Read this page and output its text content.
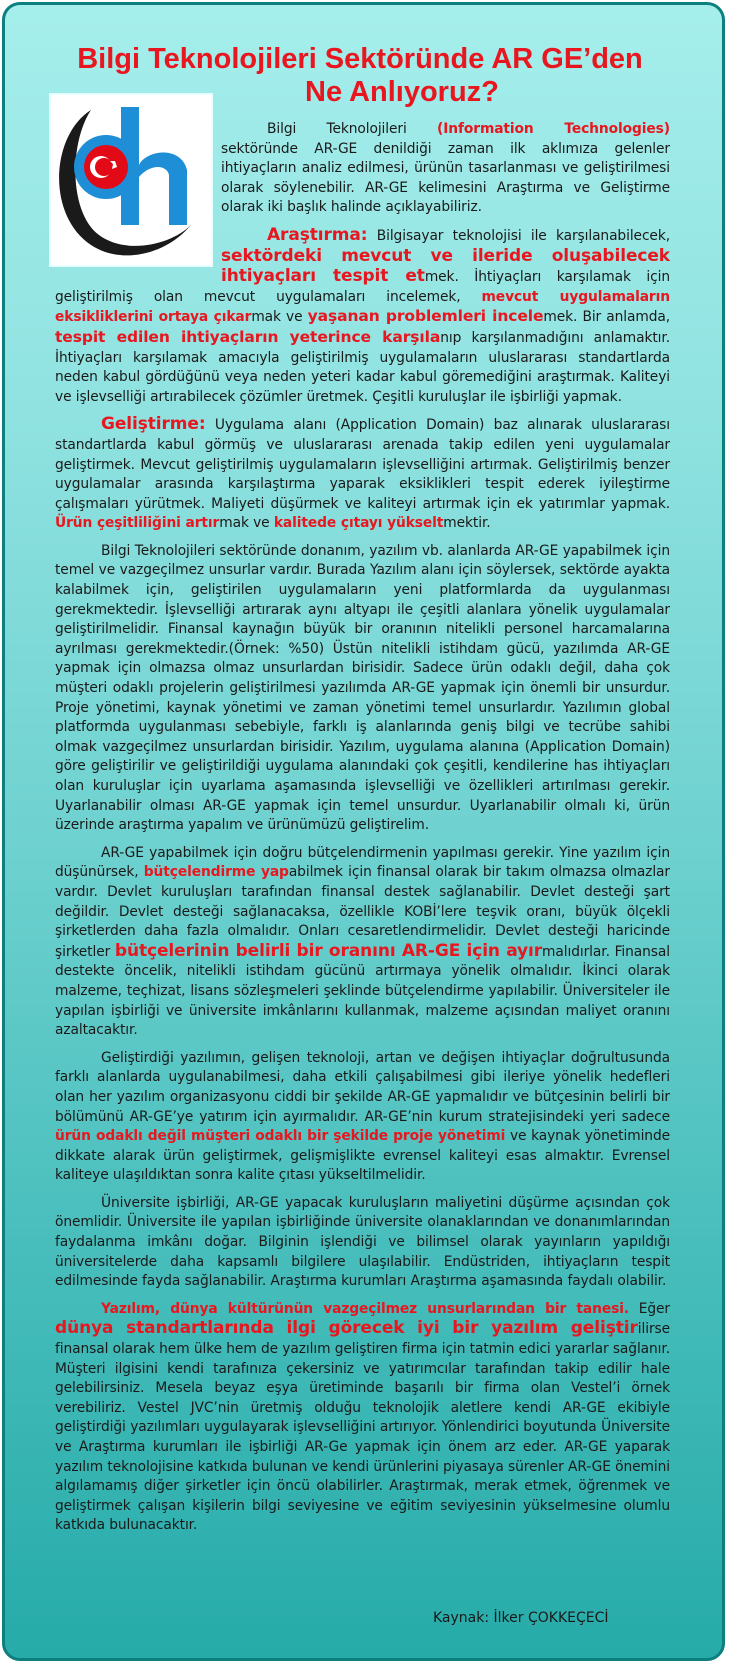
Bilgi Teknolojileri Sektöründe AR GE’den
Ne Anlıyoruz?

Bilgi Teknolojileri (Information Technologies) sektöründe AR-GE denildiği zaman ilk aklımıza gelenler ihtiyaçların analiz edilmesi, ürünün tasarlanması ve geliştirilmesi olarak söylenebilir. AR-GE kelimesini Araştırma ve Geliştirme olarak iki başlık halinde açıklayabiliriz.

Araştırma: Bilgisayar teknolojisi ile karşılanabilecek, sektördeki mevcut ve ileride oluşabilecek ihtiyaçları tespit etmek. İhtiyaçları karşılamak için geliştirilmiş olan mevcut uygulamaları incelemek, mevcut uygulamaların eksikliklerini ortaya çıkarmak ve yaşanan problemleri incelemek. Bir anlamda, tespit edilen ihtiyaçların yeterince karşılanıp karşılanmadığını anlamaktır. İhtiyaçları karşılamak amacıyla geliştirilmiş uygulamaların uluslararası standartlarda neden kabul gördüğünü veya neden yeteri kadar kabul göremediğini araştırmak. Kaliteyi ve işlevselliği artırabilecek çözümler üretmek. Çeşitli kuruluşlar ile işbirliği yapmak.

Geliştirme: Uygulama alanı (Application Domain) baz alınarak uluslararası standartlarda kabul görmüş ve uluslararası arenada takip edilen yeni uygulamalar geliştirmek. Mevcut geliştirilmiş uygulamaların işlevselliğini artırmak. Geliştirilmiş benzer uygulamalar arasında karşılaştırma yaparak eksiklikleri tespit ederek iyileştirme çalışmaları yürütmek. Maliyeti düşürmek ve kaliteyi artırmak için ek yatırımlar yapmak. Ürün çeşitliliğini artırmak ve kalitede çıtayı yükseltmektir.

Bilgi Teknolojileri sektöründe donanım, yazılım vb. alanlarda AR-GE yapabilmek için temel ve vazgeçilmez unsurlar vardır. Burada Yazılım alanı için söylersek, sektörde ayakta kalabilmek için, geliştirilen uygulamaların yeni platformlarda da uygulanması gerekmektedir. İşlevselliği artırarak aynı altyapı ile çeşitli alanlara yönelik uygulamalar geliştirilmelidir. Finansal kaynağın büyük bir oranının nitelikli personel harcamalarına ayrılması gerekmektedir.(Örnek: %50) Üstün nitelikli istihdam gücü, yazılımda AR-GE yapmak için olmazsa olmaz unsurlardan birisidir. Sadece ürün odaklı değil, daha çok müşteri odaklı projelerin geliştirilmesi yazılımda AR-GE yapmak için önemli bir unsurdur. Proje yönetimi, kaynak yönetimi ve zaman yönetimi temel unsurlardır. Yazılımın global platformda uygulanması sebebiyle, farklı iş alanlarında geniş bilgi ve tecrübe sahibi olmak vazgeçilmez unsurlardan birisidir. Yazılım, uygulama alanına (Application Domain) göre geliştirilir ve geliştirildiği uygulama alanındaki çok çeşitli, kendilerine has ihtiyaçları olan kuruluşlar için uyarlama aşamasında işlevselliği ve özellikleri artırılması gerekir. Uyarlanabilir olması AR-GE yapmak için temel unsurdur. Uyarlanabilir olmalı ki, ürün üzerinde araştırma yapalım ve ürünümüzü geliştirelim.

AR-GE yapabilmek için doğru bütçelendirmenin yapılması gerekir. Yine yazılım için düşünürsek, bütçelendirme yapabilmek için finansal olarak bir takım olmazsa olmazlar vardır. Devlet kuruluşları tarafından finansal destek sağlanabilir. Devlet desteği şart değildir. Devlet desteği sağlanacaksa, özellikle KOBİ’lere teşvik oranı, büyük ölçekli şirketlerden daha fazla olmalıdır. Onları cesaretlendirmelidir. Devlet desteği haricinde şirketler bütçelerinin belirli bir oranını AR-GE için ayırmalıdırlar. Finansal destekte öncelik, nitelikli istihdam gücünü artırmaya yönelik olmalıdır. İkinci olarak malzeme, teçhizat, lisans sözleşmeleri şeklinde bütçelendirme yapılabilir. Üniversiteler ile yapılan işbirliği ve üniversite imkânlarını kullanmak, malzeme açısından maliyet oranını azaltacaktır.

Geliştirdiği yazılımın, gelişen teknoloji, artan ve değişen ihtiyaçlar doğrultusunda farklı alanlarda uygulanabilmesi, daha etkili çalışabilmesi gibi ileriye yönelik hedefleri olan her yazılım organizasyonu ciddi bir şekilde AR-GE yapmalıdır ve bütçesinin belirli bir bölümünü AR-GE’ye yatırım için ayırmalıdır. AR-GE’nin kurum stratejisindeki yeri sadece ürün odaklı değil müşteri odaklı bir şekilde proje yönetimi ve kaynak yönetiminde dikkate alarak ürün geliştirmek, gelişmişlikte evrensel kaliteyi esas almaktır. Evrensel kaliteye ulaşıldıktan sonra kalite çıtası yükseltilmelidir.

Üniversite işbirliği, AR-GE yapacak kuruluşların maliyetini düşürme açısından çok önemlidir. Üniversite ile yapılan işbirliğinde üniversite olanaklarından ve donanımlarından faydalanma imkânı doğar. Bilginin işlendiği ve bilimsel olarak yayınların yapıldığı üniversitelerde daha kapsamlı bilgilere ulaşılabilir. Endüstriden, ihtiyaçların tespit edilmesinde fayda sağlanabilir. Araştırma kurumları Araştırma aşamasında faydalı olabilir.

Yazılım, dünya kültürünün vazgeçilmez unsurlarından bir tanesi. Eğer dünya standartlarında ilgi görecek iyi bir yazılım geliştirilirse finansal olarak hem ülke hem de yazılım geliştiren firma için tatmin edici yararlar sağlanır. Müşteri ilgisini kendi tarafınıza çekersiniz ve yatırımcılar tarafından takip edilir hale gelebilirsiniz. Mesela beyaz eşya üretiminde başarılı bir firma olan Vestel’i örnek verebiliriz. Vestel JVC’nin üretmiş olduğu teknolojik aletlere kendi AR-GE ekibiyle geliştirdiği yazılımları uygulayarak işlevselliğini artırıyor. Yönlendirici boyutunda Üniversite ve Araştırma kurumları ile işbirliği AR-Ge yapmak için önem arz eder. AR-GE yaparak yazılım teknolojisine katkıda bulunan ve kendi ürünlerini piyasaya sürenler AR-GE önemini algılamamış diğer şirketler için öncü olabilirler. Araştırmak, merak etmek, öğrenmek ve geliştirmek çalışan kişilerin bilgi seviyesine ve eğitim seviyesinin yükselmesine olumlu katkıda bulunacaktır.

Kaynak: İlker ÇOKKEÇECİ
